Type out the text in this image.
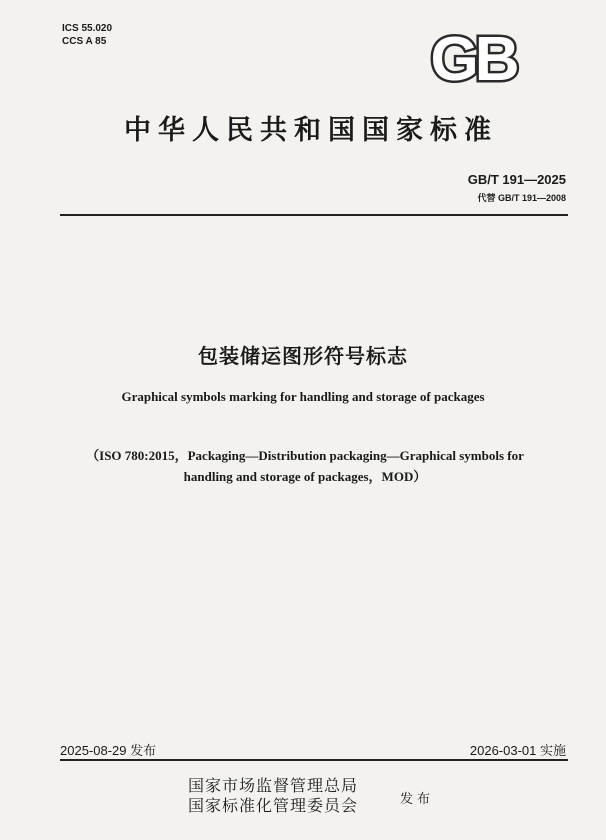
ICS 55.020
CCS A 85	GB
中华人民共和国国家标准
GB/T 191—2025
代替 GB/T 191—2008
包装储运图形符号标志
Graphical symbols marking for handling and storage of packages
（ISO 780:2015，Packaging—Distribution packaging—Graphical symbols for
handling and storage of packages，MOD）
2025-08-29 发布	2026-03-01 实施
国家市场监督管理总局
国家标准化管理委员会	发布
